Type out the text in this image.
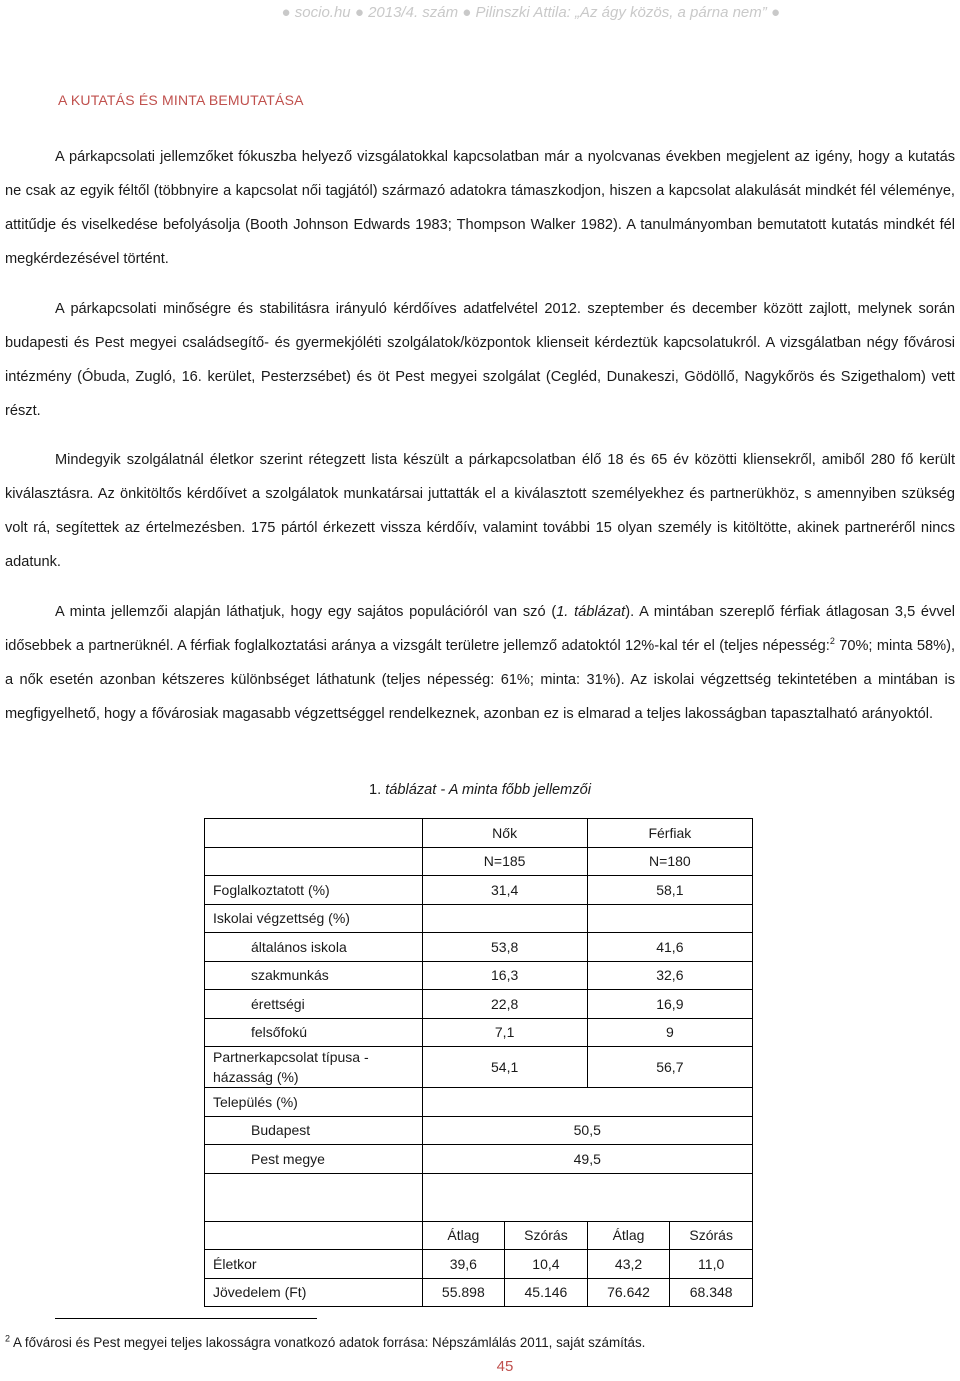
● socio.hu ● 2013/4. szám ● Pilinszki Attila: „Az ágy közös, a párna nem” ●
A KUTATÁS ÉS MINTA BEMUTATÁSA

A párkapcsolati jellemzőket fókuszba helyező vizsgálatokkal kapcsolatban már a nyolcvanas években megjelent az igény, hogy a kutatás ne csak az egyik féltől (többnyire a kapcsolat női tagjától) származó adatokra támaszkodjon, hiszen a kapcsolat alakulását mindkét fél véleménye, attitűdje és viselkedése befolyásolja (Booth Johnson Edwards 1983; Thompson Walker 1982). A tanulmányomban bemutatott kutatás mindkét fél megkérdezésével történt.

A párkapcsolati minőségre és stabilitásra irányuló kérdőíves adatfelvétel 2012. szeptember és december között zajlott, melynek során budapesti és Pest megyei családsegítő- és gyermekjóléti szolgálatok/központok klienseit kérdeztük kapcsolatukról. A vizsgálatban négy fővárosi intézmény (Óbuda, Zugló, 16. kerület, Pesterzsébet) és öt Pest megyei szolgálat (Cegléd, Dunakeszi, Gödöllő, Nagykőrös és Szigethalom) vett részt.

Mindegyik szolgálatnál életkor szerint rétegzett lista készült a párkapcsolatban élő 18 és 65 év közötti kliensekről, amiből 280 fő került kiválasztásra. Az önkitöltős kérdőívet a szolgálatok munkatársai juttatták el a kiválasztott személyekhez és partnerükhöz, s amennyiben szükség volt rá, segítettek az értelmezésben. 175 pártól érkezett vissza kérdőív, valamint további 15 olyan személy is kitöltötte, akinek partneréről nincs adatunk.

A minta jellemzői alapján láthatjuk, hogy egy sajátos populációról van szó (1. táblázat). A mintában szereplő férfiak átlagosan 3,5 évvel idősebbek a partnerüknél. A férfiak foglalkoztatási aránya a vizsgált területre jellemző adatoktól 12%-kal tér el (teljes népesség:$^2$ 70%; minta 58%), a nők esetén azonban kétszeres különbséget láthatunk (teljes népesség: 61%; minta: 31%). Az iskolai végzettség tekintetében a mintában is megfigyelhető, hogy a fővárosiak magasabb végzettséggel rendelkeznek, azonban ez is elmarad a teljes lakosságban tapasztalható arányoktól.

1. táblázat - A minta főbb jellemzői
	Nők		Férfiak	
	N=185		N=180	
Foglalkoztatott (%)	31,4		58,1	
Iskolai végzettség (%)				
általános iskola	53,8		41,6	
szakmunkás	16,3		32,6	
érettségi	22,8		16,9	
felsőfokú	7,1		9	
Partnerkapcsolat típusa - házasság (%)	54,1		56,7	
Település (%)				
Budapest	50,5			
Pest megye	49,5			

	Átlag	Szórás	Átlag	Szórás
Életkor	39,6	10,4	43,2	11,0
Jövedelem (Ft)	55.898	45.146	76.642	68.348
$^2$ A fővárosi és Pest megyei teljes lakosságra vonatkozó adatok forrása: Népszámlálás 2011, saját számítás.
45
